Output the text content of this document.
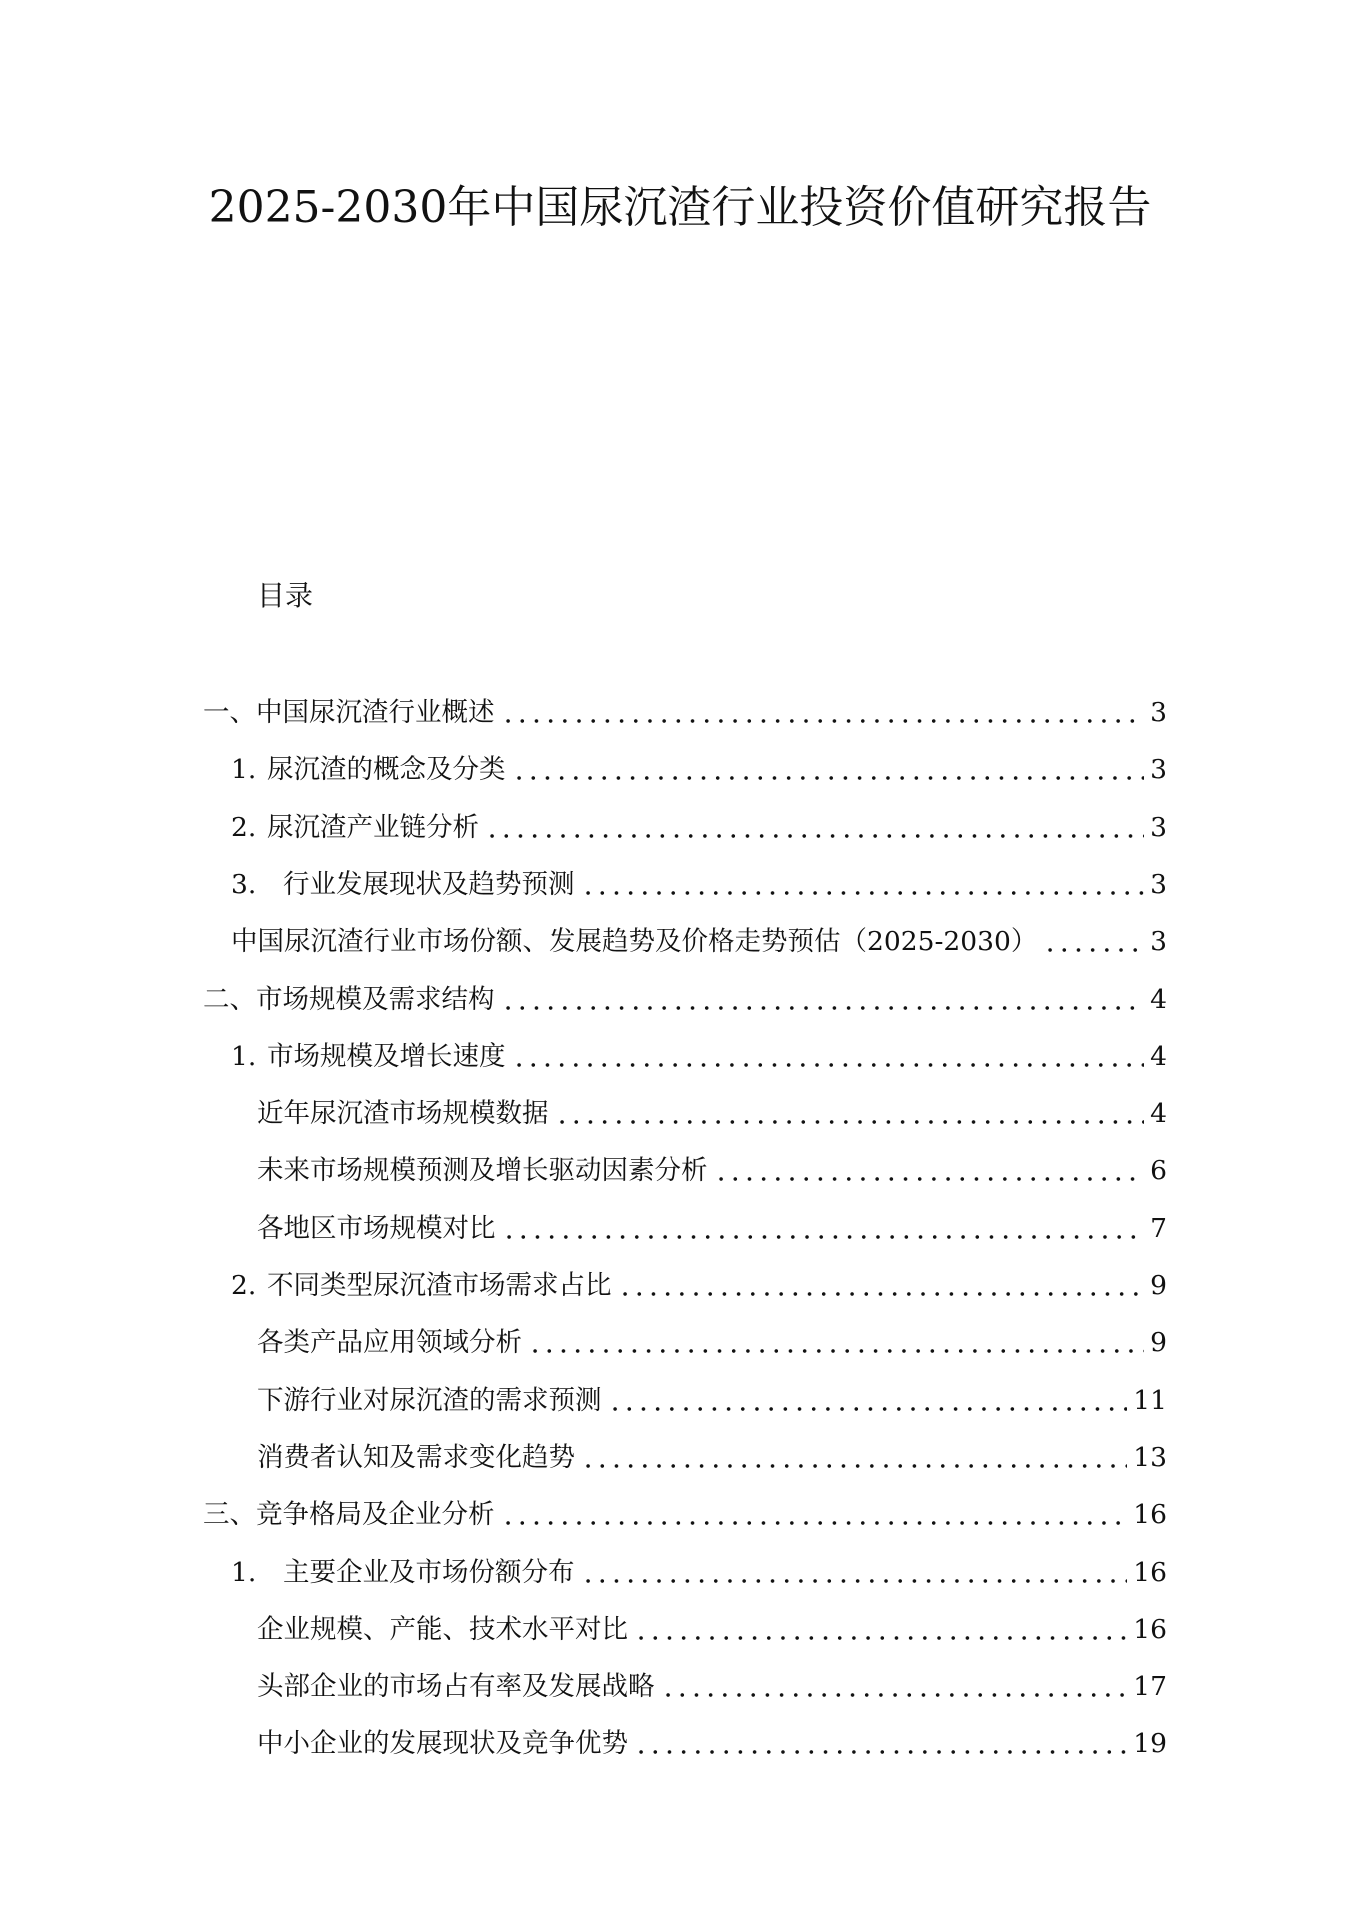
2025-2030年中国尿沉渣行业投资价值研究报告
目录
一、中国尿沉渣行业概述	3
1. 尿沉渣的概念及分类	3
2. 尿沉渣产业链分析	3
3.	行业发展现状及趋势预测	3
中国尿沉渣行业市场份额、发展趋势及价格走势预估（2025-2030）	3
二、市场规模及需求结构	4
1. 市场规模及增长速度	4
近年尿沉渣市场规模数据	4
未来市场规模预测及增长驱动因素分析	6
各地区市场规模对比	7
2. 不同类型尿沉渣市场需求占比	9
各类产品应用领域分析	9
下游行业对尿沉渣的需求预测	11
消费者认知及需求变化趋势	13
三、竞争格局及企业分析	16
1.	主要企业及市场份额分布	16
企业规模、产能、技术水平对比	16
头部企业的市场占有率及发展战略	17
中小企业的发展现状及竞争优势	19
